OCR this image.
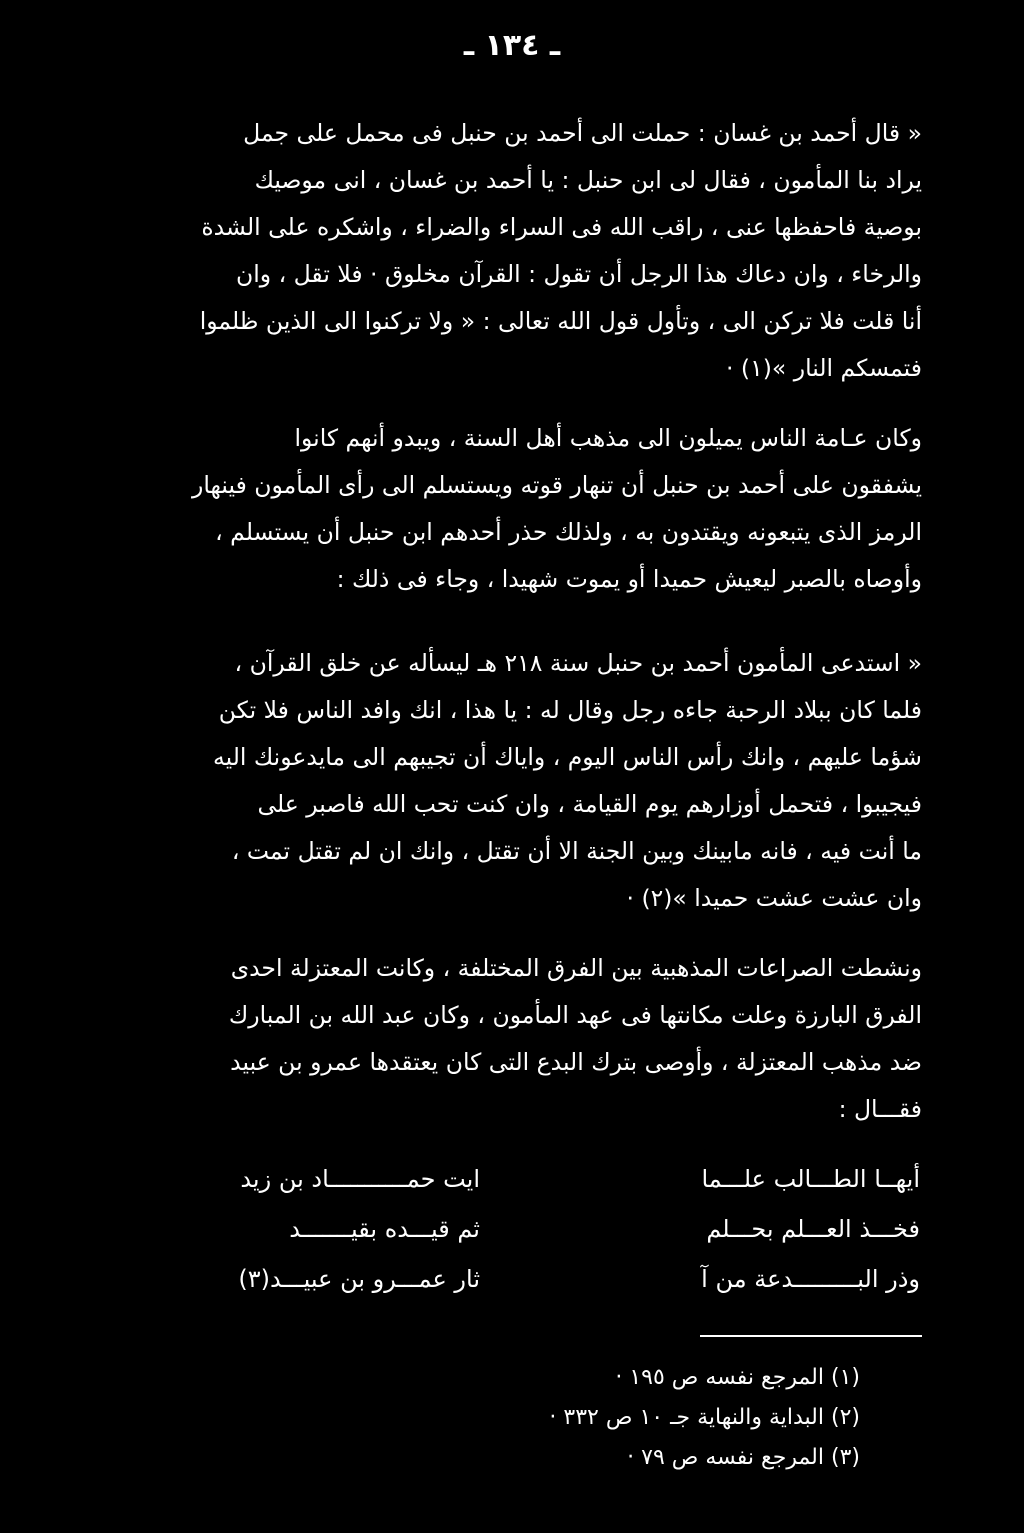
ـ ١٣٤ ـ
« قال أحمد بن غسان : حملت الى أحمد بن حنبل فى محمل على جمل
يراد بنا المأمون ، فقال لى ابن حنبل : يا أحمد بن غسان ، انى موصيك
بوصية فاحفظها عنى ، راقب الله فى السراء والضراء ، واشكره على الشدة
والرخاء ، وان دعاك هذا الرجل أن تقول : القرآن مخلوق · فلا تقل ، وان
أنا قلت فلا تركن الى ، وتأول قول الله تعالى : « ولا تركنوا الى الذين ظلموا
فتمسكم النار »(١) ·
وكان عـامة الناس يميلون الى مذهب أهل السنة ، ويبدو أنهم كانوا
يشفقون على أحمد بن حنبل أن تنهار قوته ويستسلم الى رأى المأمون فينهار
الرمز الذى يتبعونه ويقتدون به ، ولذلك حذر أحدهم ابن حنبل أن يستسلم ،
وأوصاه بالصبر ليعيش حميدا أو يموت شهيدا ، وجاء فى ذلك :
« استدعى المأمون أحمد بن حنبل سنة ٢١٨ هـ ليسأله عن خلق القرآن ،
فلما كان ببلاد الرحبة جاءه رجل وقال له : يا هذا ، انك وافد الناس فلا تكن
شؤما عليهم ، وانك رأس الناس اليوم ، واياك أن تجيبهم الى مايدعونك اليه
فيجيبوا ، فتحمل أوزارهم يوم القيامة ، وان كنت تحب الله فاصبر على
ما أنت فيه ، فانه مابينك وبين الجنة الا أن تقتل ، وانك ان لم تقتل تمت ،
وان عشت عشت حميدا »(٢) ·
ونشطت الصراعات المذهبية بين الفرق المختلفة ، وكانت المعتزلة احدى
الفرق البارزة وعلت مكانتها فى عهد المأمون ، وكان عبد الله بن المبارك
ضد مذهب المعتزلة ، وأوصى بترك البدع التى كان يعتقدها عمرو بن عبيد
فقـــال :
أيهــا الطـــالب علـــما
ايت حمـــــــــــاد بن زيد
فخـــذ العـــلم بحـــلم
ثم قيـــده بقيـــــــد
وذر البـــــــــدعة من آ
ثار عمـــرو بن عبيـــد(٣)
(١) المرجع نفسه ص ١٩٥ ·
(٢) البداية والنهاية جـ ١٠ ص ٣٣٢ ·
(٣) المرجع نفسه ص ٧٩ ·
